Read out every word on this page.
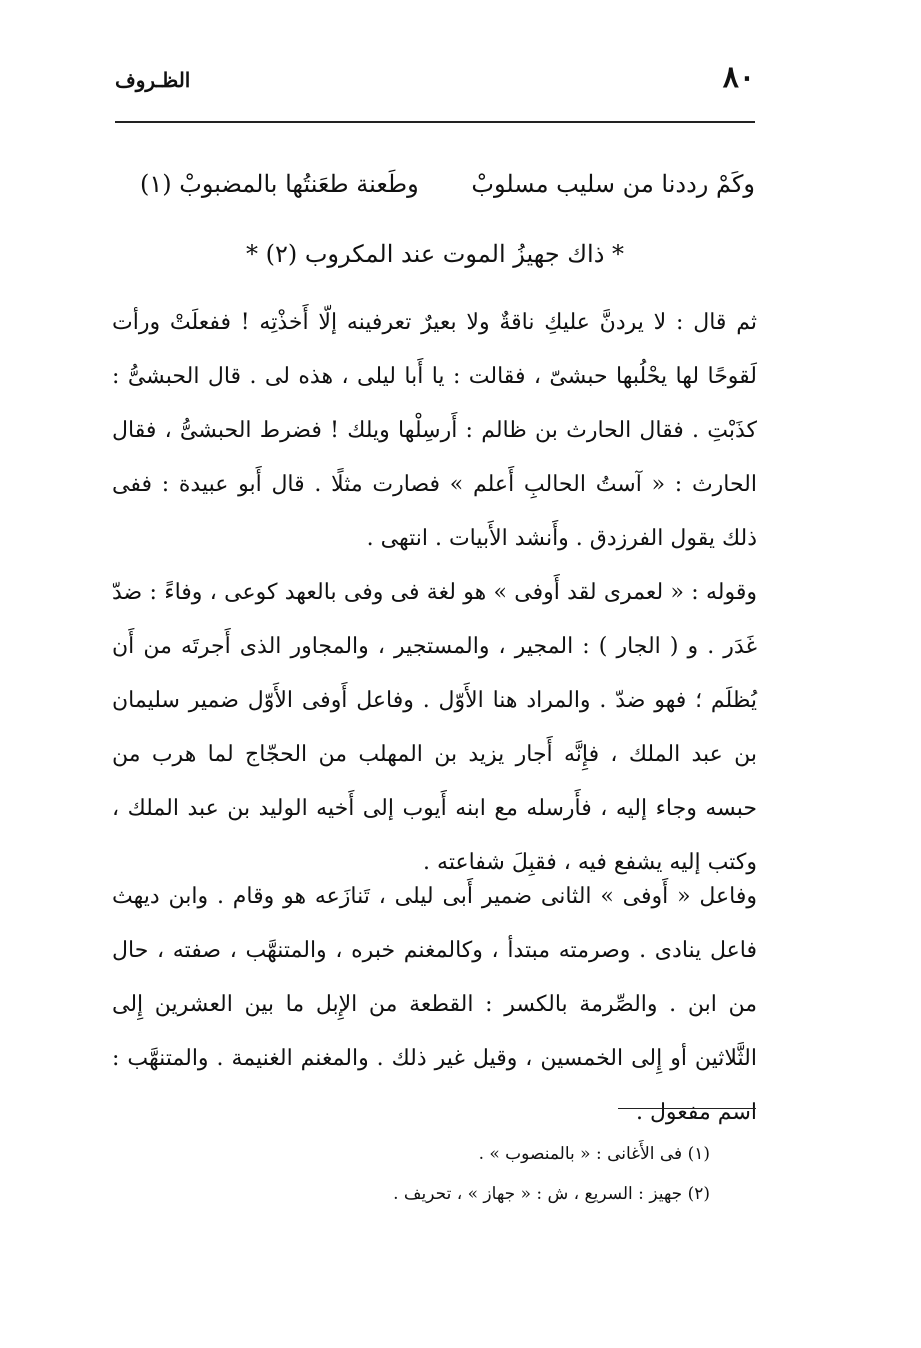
٨٠
الظـروف
وكَمْ رددنا من سليب مسلوبْ
وطَعنة طعَنتُها بالمضبوبْ (١)
* ذاك جهيزُ الموت عند المكروب (٢) *

ثم قال : لا يردنَّ عليكِ ناقةٌ ولا بعيرٌ تعرفينه إلّا أَخذْتِه ! ففعلَتْ ورأت لَقوحًا لها يحْلُبها حبشىّ ، فقالت : يا أَبا ليلى ، هذه لى . قال الحبشىُّ : كذَبْتِ . فقال الحارث بن ظالم : أَرسِلْها ويلك ! فضرط الحبشىُّ ، فقال الحارث : « آستُ الحالبِ أَعلم » فصارت مثلًا . قال أَبو عبيدة : ففى ذلك يقول الفرزدق . وأَنشد الأَبيات . انتهى .

وقوله : « لعمرى لقد أَوفى » هو لغة فى وفى بالعهد كوعى ، وفاءً : ضدّ غَدَر . و ( الجار ) : المجير ، والمستجير ، والمجاور الذى أَجرتَه من أَن يُظلَم ؛ فهو ضدّ . والمراد هنا الأَوّل . وفاعل أَوفى الأَوّل ضمير سليمان بن عبد الملك ، فإِنَّه أَجار يزيد بن المهلب من الحجّاج لما هرب من حبسه وجاء إليه ، فأَرسله مع ابنه أَيوب إلى أَخيه الوليد بن عبد الملك ، وكتب إليه يشفع فيه ، فقبِلَ شفاعته .

وفاعل « أَوفى » الثانى ضمير أَبى ليلى ، تَنازَعه هو وقام . وابن ديهث فاعل ينادى . وصرمته مبتدأ ، وكالمغنم خبره ، والمتنهَّب ، صفته ، حال من ابن . والصِّرمة بالكسر : القطعة من الإِبل ما بين العشرين إِلى الثَّلاثين أو إِلى الخمسين ، وقيل غير ذلك . والمغنم الغنيمة . والمتنهَّب : اسم مفعول .

(١) فى الأَغانى : « بالمنصوب » .
(٢) جهيز : السريع ، ش : « جهاز » ، تحريف .
